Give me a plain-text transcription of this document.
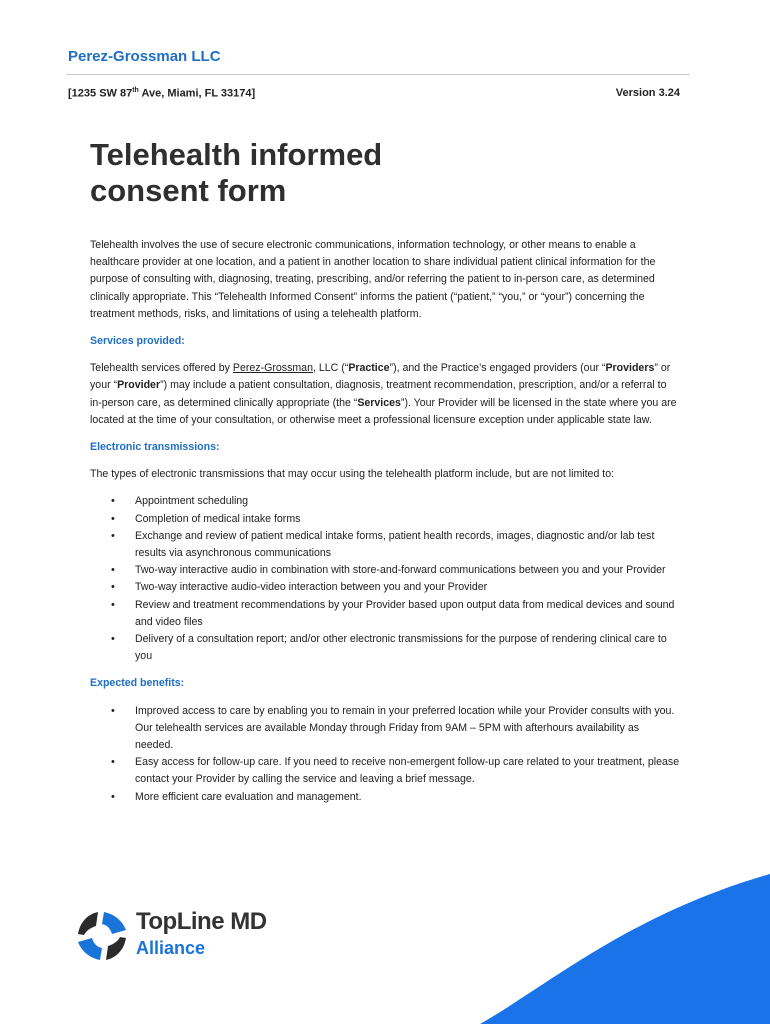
Perez-Grossman LLC
[1235 SW 87th Ave, Miami, FL 33174]	Version 3.24
Telehealth informed
consent form

Telehealth involves the use of secure electronic communications, information technology, or other means to enable a healthcare provider at one location, and a patient in another location to share individual patient clinical information for the purpose of consulting with, diagnosing, treating, prescribing, and/or referring the patient to in-person care, as determined clinically appropriate. This “Telehealth Informed Consent” informs the patient (“patient,” “you,” or “your”) concerning the treatment methods, risks, and limitations of using a telehealth platform.

Services provided:

Telehealth services offered by Perez-Grossman, LLC (“Practice”), and the Practice’s engaged providers (our “Providers” or your “Provider”) may include a patient consultation, diagnosis, treatment recommendation, prescription, and/or a referral to in-person care, as determined clinically appropriate (the “Services”). Your Provider will be licensed in the state where you are located at the time of your consultation, or otherwise meet a professional licensure exception under applicable state law.

Electronic transmissions:

The types of electronic transmissions that may occur using the telehealth platform include, but are not limited to:

• Appointment scheduling
• Completion of medical intake forms
• Exchange and review of patient medical intake forms, patient health records, images, diagnostic and/or lab test results via asynchronous communications
• Two-way interactive audio in combination with store-and-forward communications between you and your Provider
• Two-way interactive audio-video interaction between you and your Provider
• Review and treatment recommendations by your Provider based upon output data from medical devices and sound and video files
• Delivery of a consultation report; and/or other electronic transmissions for the purpose of rendering clinical care to you
Expected benefits:
• Improved access to care by enabling you to remain in your preferred location while your Provider consults with you. Our telehealth services are available Monday through Friday from 9AM – 5PM with afterhours availability as needed.
• Easy access for follow-up care. If you need to receive non-emergent follow-up care related to your treatment, please contact your Provider by calling the service and leaving a brief message.
• More efficient care evaluation and management.
TopLine MD
Alliance
